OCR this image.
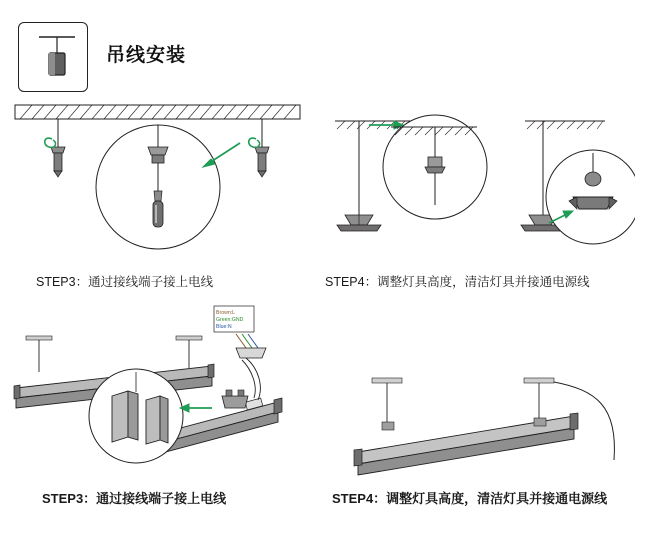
吊线安装
STEP3：通过接线端子接上电线	STEP4：调整灯具高度，清洁灯具并接通电源线
Brown:L
Green:GND
Blue:N
STEP3：通过接线端子接上电线	STEP4：调整灯具高度，清洁灯具并接通电源线
